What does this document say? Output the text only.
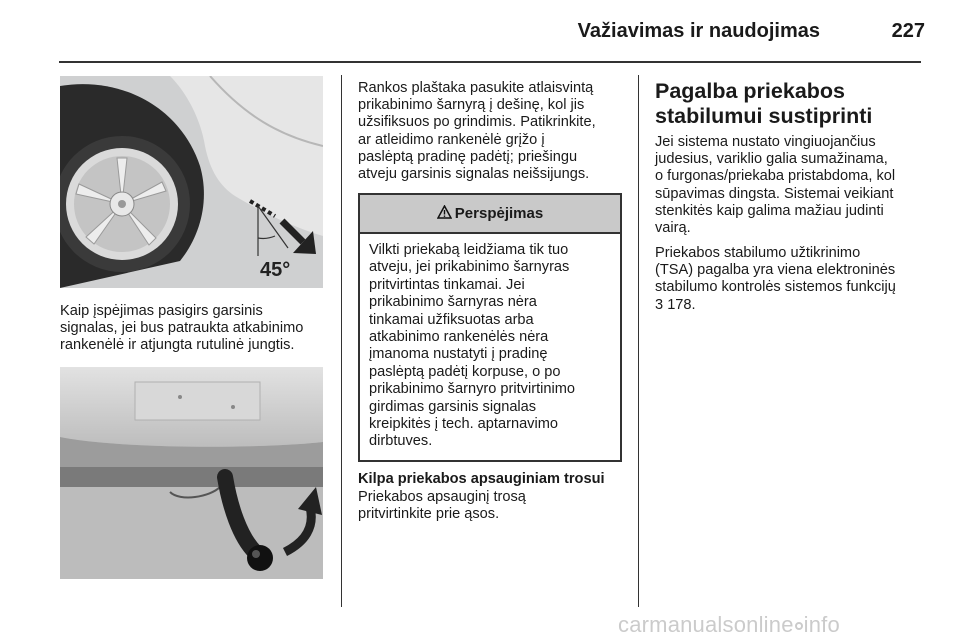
Važiavimas ir naudojimas	227
45°

Kaip įspėjimas pasigirs garsinis

signalas, jei bus patraukta atkabinimo

rankenėlė ir atjungta rutulinė jungtis.

Rankos plaštaka pasukite atlaisvintą

prikabinimo šarnyrą į dešinę, kol jis

užsifiksuos po grindimis. Patikrinkite,

ar atleidimo rankenėlė grįžo į

paslėptą pradinę padėtį; priešingu

atveju garsinis signalas neišsijungs.

Perspėjimas

Vilkti priekabą leidžiama tik tuo

atveju, jei prikabinimo šarnyras

pritvirtintas tinkamai. Jei

prikabinimo šarnyras nėra

tinkamai užfiksuotas arba

atkabinimo rankenėlės nėra

įmanoma nustatyti į pradinę

paslėptą padėtį korpuse, o po

prikabinimo šarnyro pritvirtinimo

girdimas garsinis signalas

kreipkitės į tech. aptarnavimo

dirbtuves.

Kilpa priekabos apsauginiam trosui

Priekabos apsauginį trosą

pritvirtinkite prie ąsos.

Pagalba priekabos
stabilumui sustiprinti

Jei sistema nustato vingiuojančius

judesius, variklio galia sumažinama,

o furgonas/priekaba pristabdoma, kol

sūpavimas dingsta. Sistemai veikiant

stenkitės kaip galima mažiau judinti

vairą.

Priekabos stabilumo užtikrinimo

(TSA) pagalba yra viena elektroninės

stabilumo kontrolės sistemos funkcijų

3 178.

carmanualsonline info
